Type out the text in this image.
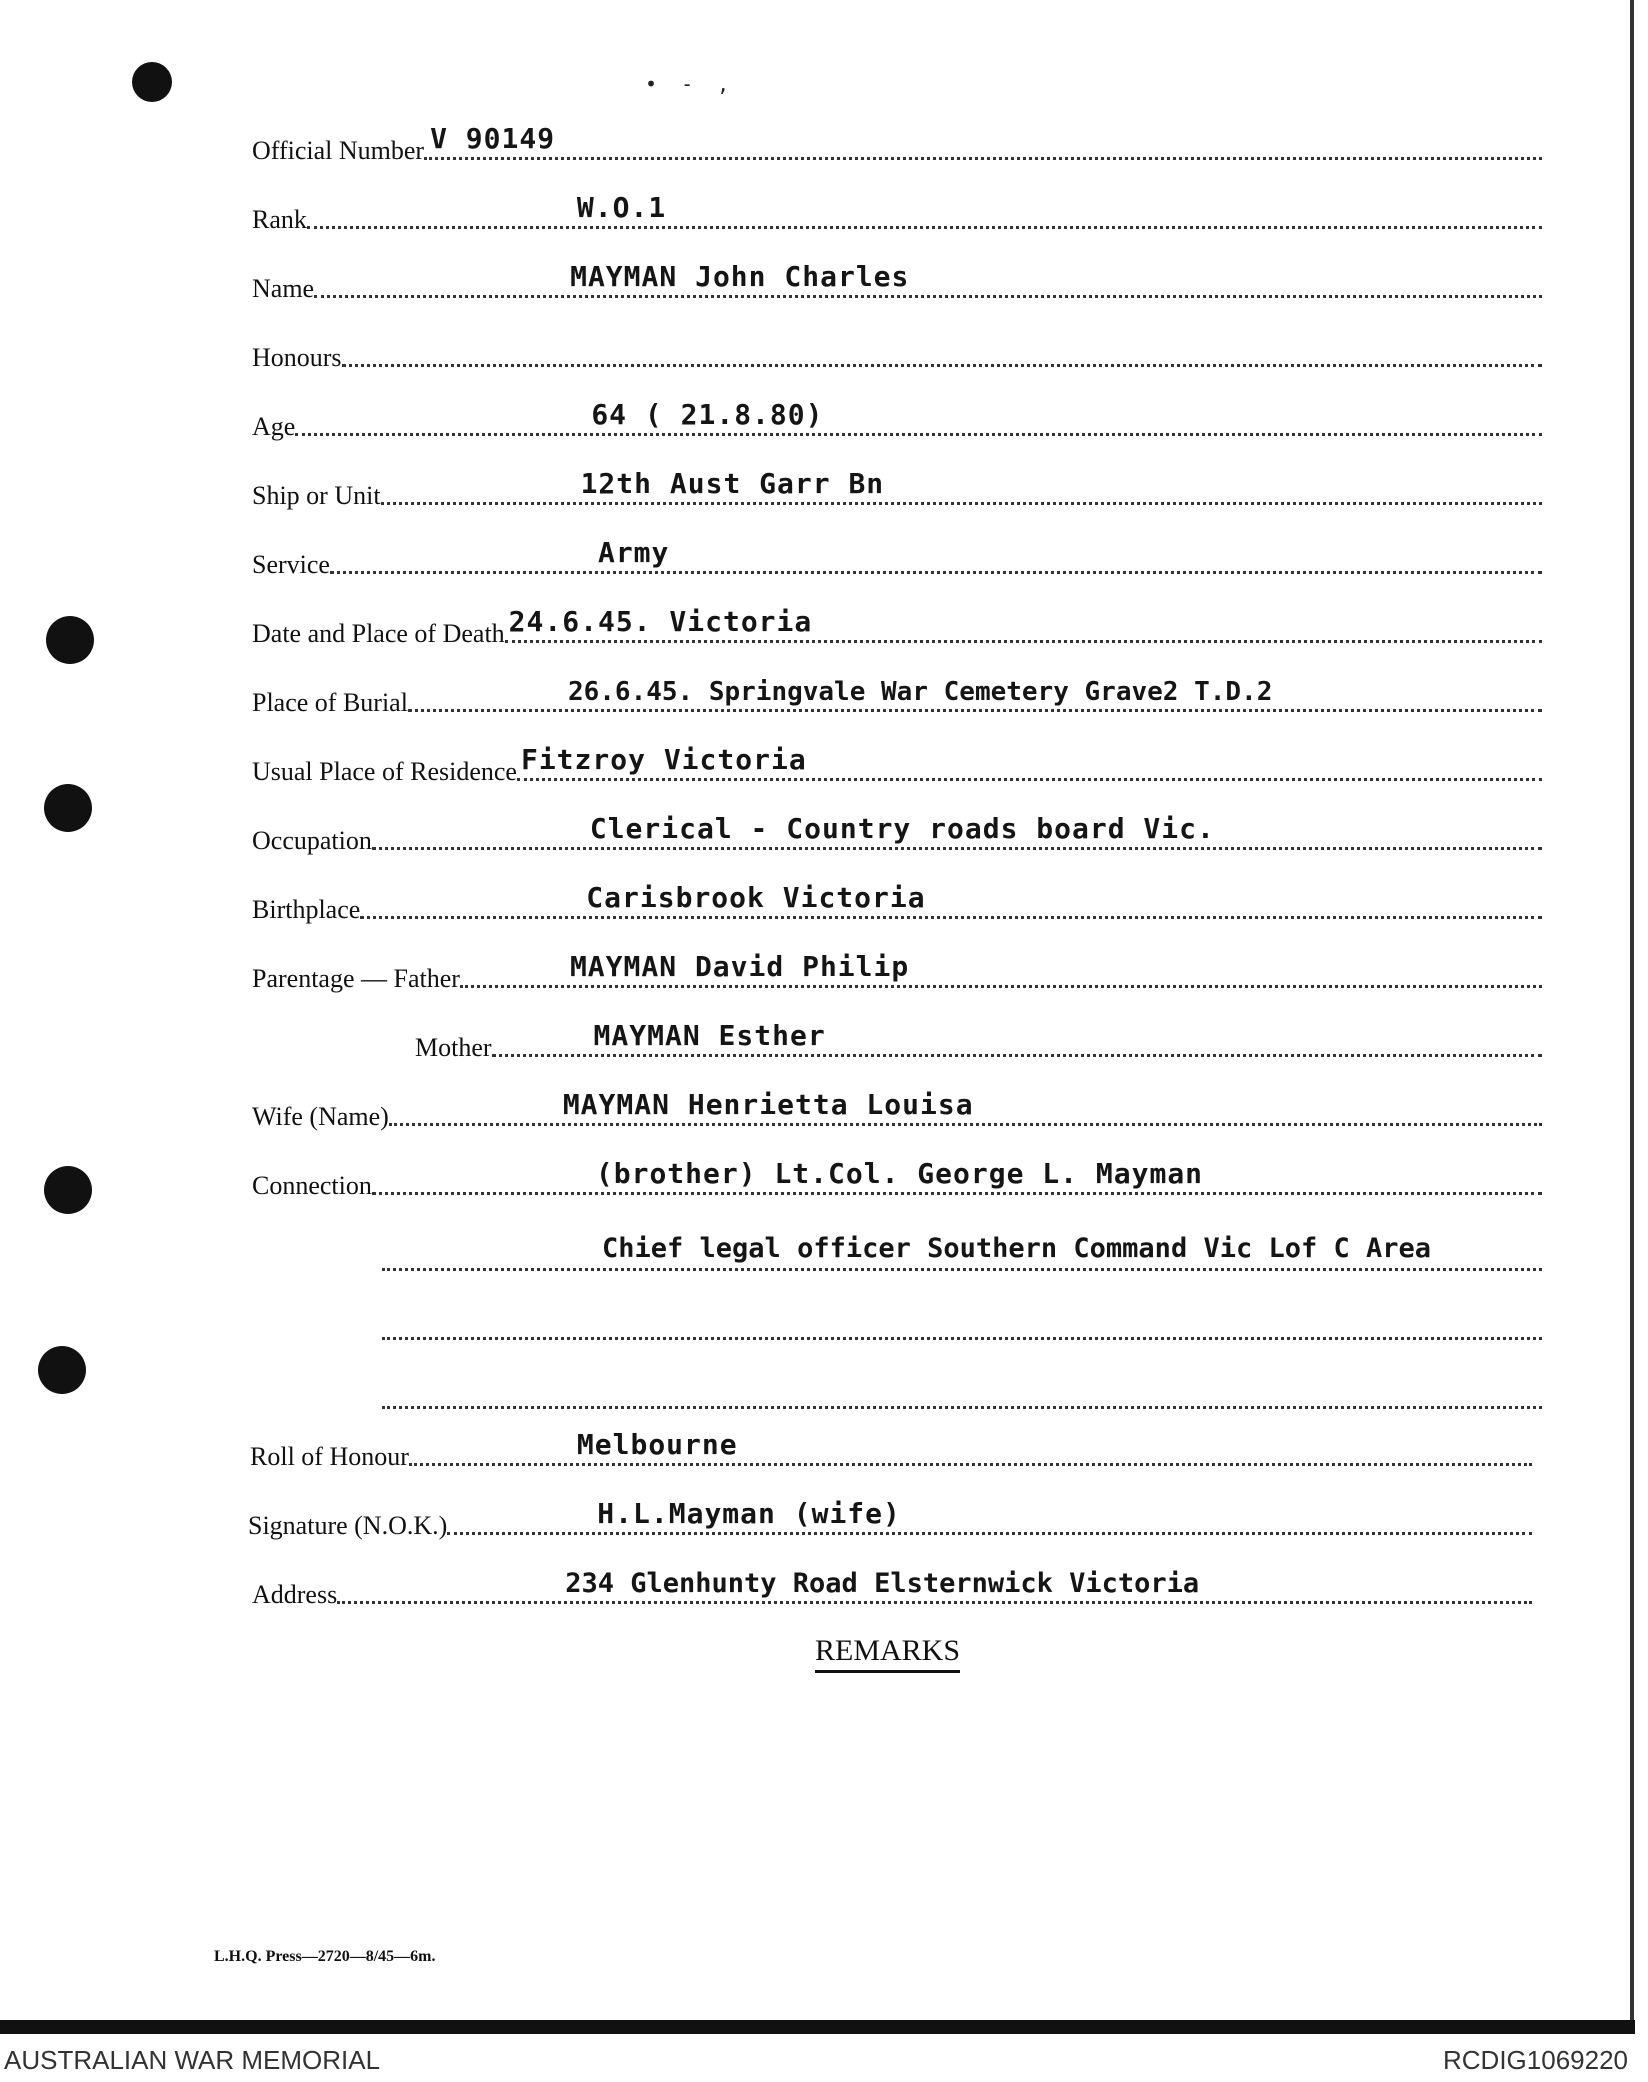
• - ,
Official Number V 90149
Rank	W.O.1
Name	MAYMAN John Charles
Honours
Age	64 ( 21.8.80)
Ship or Unit	12th Aust Garr Bn
Service	Army
Date and Place of Death 24.6.45. Victoria
Place of Burial	26.6.45. Springvale War Cemetery Grave2 T.D.2
Usual Place of Residence Fitzroy Victoria
Occupation	Clerical - Country roads board Vic.
Birthplace	Carisbrook Victoria
Parentage — Father	MAYMAN David Philip
Mother	MAYMAN Esther
Wife (Name)	MAYMAN Henrietta Louisa
Connection	(brother) Lt.Col. George L. Mayman
Chief legal officer Southern Command Vic Lof C Area
Roll of Honour	Melbourne
Signature (N.O.K.)	H.L.Mayman (wife)
Address	234 Glenhunty Road Elsternwick Victoria
REMARKS
L.H.Q. Press—2720—8/45—6m.
AUSTRALIAN WAR MEMORIAL	RCDIG1069220
